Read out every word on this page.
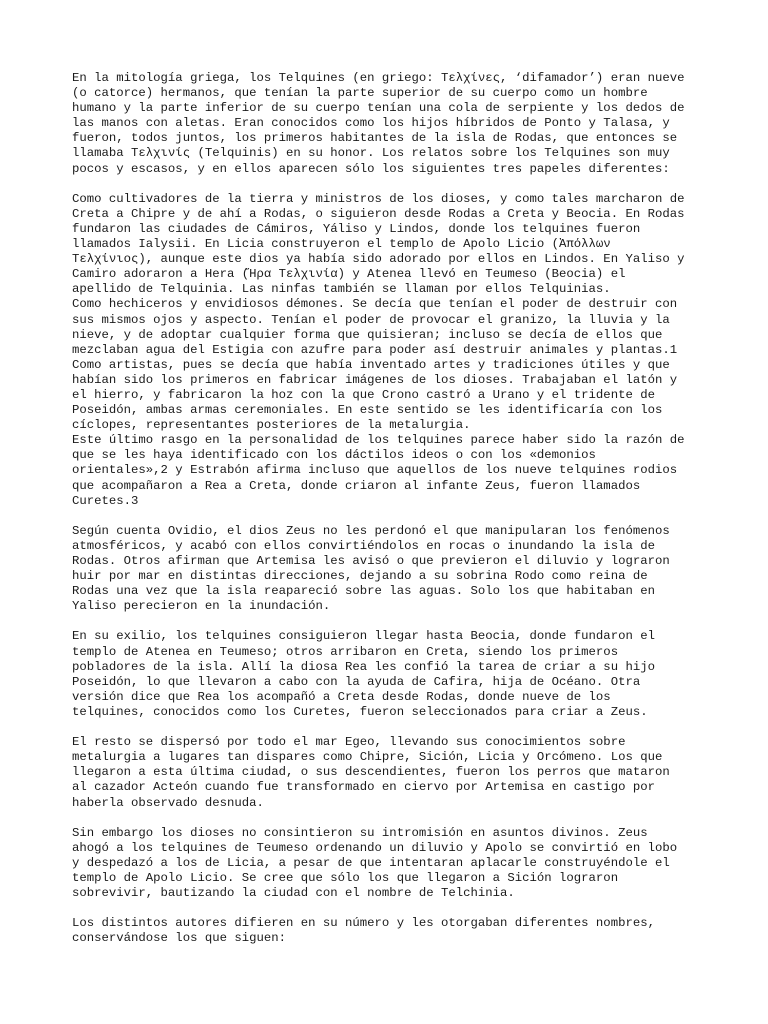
En la mitología griega, los Telquines (en griego: Τελχίνες, ‘difamador’) eran nueve
(o catorce) hermanos, que tenían la parte superior de su cuerpo como un hombre
humano y la parte inferior de su cuerpo tenían una cola de serpiente y los dedos de
las manos con aletas. Eran conocidos como los hijos híbridos de Ponto y Talasa, y
fueron, todos juntos, los primeros habitantes de la isla de Rodas, que entonces se
llamaba Τελχινίς (Telquinis) en su honor. Los relatos sobre los Telquines son muy
pocos y escasos, y en ellos aparecen sólo los siguientes tres papeles diferentes:

Como cultivadores de la tierra y ministros de los dioses, y como tales marcharon de
Creta a Chipre y de ahí a Rodas, o siguieron desde Rodas a Creta y Beocia. En Rodas
fundaron las ciudades de Cámiros, Yáliso y Lindos, donde los telquines fueron
llamados Ialysii. En Licia construyeron el templo de Apolo Licio (Ἀπόλλων
Τελχίνιος), aunque este dios ya había sido adorado por ellos en Lindos. En Yaliso y
Camiro adoraron a Hera (Ἥρα Τελχινία) y Atenea llevó en Teumeso (Beocia) el
apellido de Telquinia. Las ninfas también se llaman por ellos Telquinias.

Como hechiceros y envidiosos démones. Se decía que tenían el poder de destruir con
sus mismos ojos y aspecto. Tenían el poder de provocar el granizo, la lluvia y la
nieve, y de adoptar cualquier forma que quisieran; incluso se decía de ellos que
mezclaban agua del Estigia con azufre para poder así destruir animales y plantas.1

Como artistas, pues se decía que había inventado artes y tradiciones útiles y que
habían sido los primeros en fabricar imágenes de los dioses. Trabajaban el latón y
el hierro, y fabricaron la hoz con la que Crono castró a Urano y el tridente de
Poseidón, ambas armas ceremoniales. En este sentido se les identificaría con los
cíclopes, representantes posteriores de la metalurgia.

Este último rasgo en la personalidad de los telquines parece haber sido la razón de
que se les haya identificado con los dáctilos ideos o con los «demonios
orientales»,2 y Estrabón afirma incluso que aquellos de los nueve telquines rodios
que acompañaron a Rea a Creta, donde criaron al infante Zeus, fueron llamados
Curetes.3

Según cuenta Ovidio, el dios Zeus no les perdonó el que manipularan los fenómenos
atmosféricos, y acabó con ellos convirtiéndolos en rocas o inundando la isla de
Rodas. Otros afirman que Artemisa les avisó o que previeron el diluvio y lograron
huir por mar en distintas direcciones, dejando a su sobrina Rodo como reina de
Rodas una vez que la isla reapareció sobre las aguas. Solo los que habitaban en
Yaliso perecieron en la inundación.

En su exilio, los telquines consiguieron llegar hasta Beocia, donde fundaron el
templo de Atenea en Teumeso; otros arribaron en Creta, siendo los primeros
pobladores de la isla. Allí la diosa Rea les confió la tarea de criar a su hijo
Poseidón, lo que llevaron a cabo con la ayuda de Cafira, hija de Océano. Otra
versión dice que Rea los acompañó a Creta desde Rodas, donde nueve de los
telquines, conocidos como los Curetes, fueron seleccionados para criar a Zeus.

El resto se dispersó por todo el mar Egeo, llevando sus conocimientos sobre
metalurgia a lugares tan dispares como Chipre, Sición, Licia y Orcómeno. Los que
llegaron a esta última ciudad, o sus descendientes, fueron los perros que mataron
al cazador Acteón cuando fue transformado en ciervo por Artemisa en castigo por
haberla observado desnuda.

Sin embargo los dioses no consintieron su intromisión en asuntos divinos. Zeus
ahogó a los telquines de Teumeso ordenando un diluvio y Apolo se convirtió en lobo
y despedazó a los de Licia, a pesar de que intentaran aplacarle construyéndole el
templo de Apolo Licio. Se cree que sólo los que llegaron a Sición lograron
sobrevivir, bautizando la ciudad con el nombre de Telchinia.

Los distintos autores difieren en su número y les otorgaban diferentes nombres,
conservándose los que siguen:
